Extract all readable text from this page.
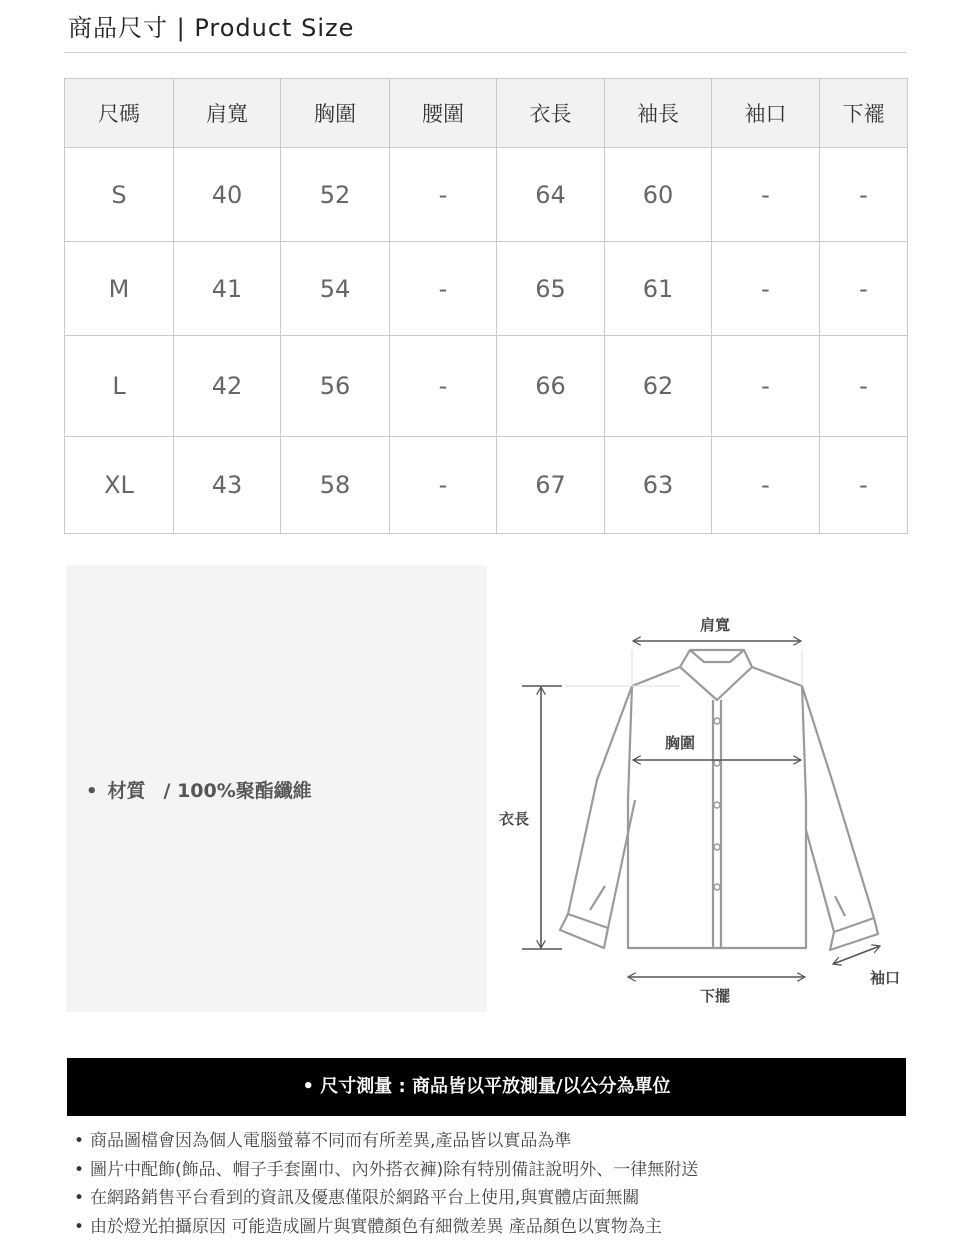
商品尺寸 | Product Size
尺碼	肩寬	胸圍	腰圍	衣長	袖長	袖口	下襬
S	40	52	-	64	60	-	-
M	41	54	-	65	61	-	-
L	42	56	-	66	62	-	-
XL	43	58	-	67	63	-	-
• 材質 / 100%聚酯纖維
肩寬
胸圍
衣長
下擺
袖口
• 尺寸測量 : 商品皆以平放測量/以公分為單位
• 商品圖檔會因為個人電腦螢幕不同而有所差異,產品皆以實品為準
• 圖片中配飾(飾品、帽子手套圍巾、內外搭衣褲)除有特別備註說明外、一律無附送
• 在網路銷售平台看到的資訊及優惠僅限於網路平台上使用,與實體店面無關
• 由於燈光拍攝原因 可能造成圖片與實體顏色有細微差異 產品顏色以實物為主
